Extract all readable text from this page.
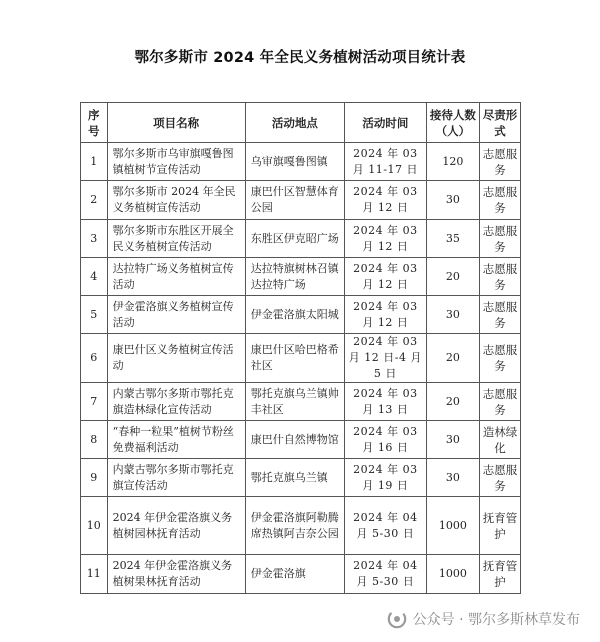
鄂尔多斯市 2024 年全民义务植树活动项目统计表
序号	项目名称	活动地点	活动时间	接待人数（人）	尽责形式
1	鄂尔多斯市乌审旗嘎鲁图镇植树节宣传活动	乌审旗嘎鲁图镇	2024 年 03 月 11-17 日	120	志愿服务
2	鄂尔多斯市 2024 年全民义务植树宣传活动	康巴什区智慧体育公园	2024 年 03 月 12 日	30	志愿服务
3	鄂尔多斯市东胜区开展全民义务植树宣传活动	东胜区伊克昭广场	2024 年 03 月 12 日	35	志愿服务
4	达拉特广场义务植树宣传活动	达拉特旗树林召镇达拉特广场	2024 年 03 月 12 日	20	志愿服务
5	伊金霍洛旗义务植树宣传活动	伊金霍洛旗太阳城	2024 年 03 月 12 日	30	志愿服务
6	康巴什区义务植树宣传活动	康巴什区哈巴格希社区	2024 年 03 月 12 日-4 月 5 日	20	志愿服务
7	内蒙古鄂尔多斯市鄂托克旗造林绿化宣传活动	鄂托克旗乌兰镇帅丰社区	2024 年 03 月 13 日	20	志愿服务
8	“春种一粒果”植树节粉丝免费福利活动	康巴什自然博物馆	2024 年 03 月 16 日	30	造林绿化
9	内蒙古鄂尔多斯市鄂托克旗宣传活动	鄂托克旗乌兰镇	2024 年 03 月 19 日	30	志愿服务
10	2024 年伊金霍洛旗义务植树园林抚育活动	伊金霍洛旗阿勒腾席热镇阿吉奈公园	2024 年 04 月 5-30 日	1000	抚育管护
11	2024 年伊金霍洛旗义务植树果林抚育活动	伊金霍洛旗	2024 年 04 月 5-30 日	1000	抚育管护
公众号 · 鄂尔多斯林草发布
